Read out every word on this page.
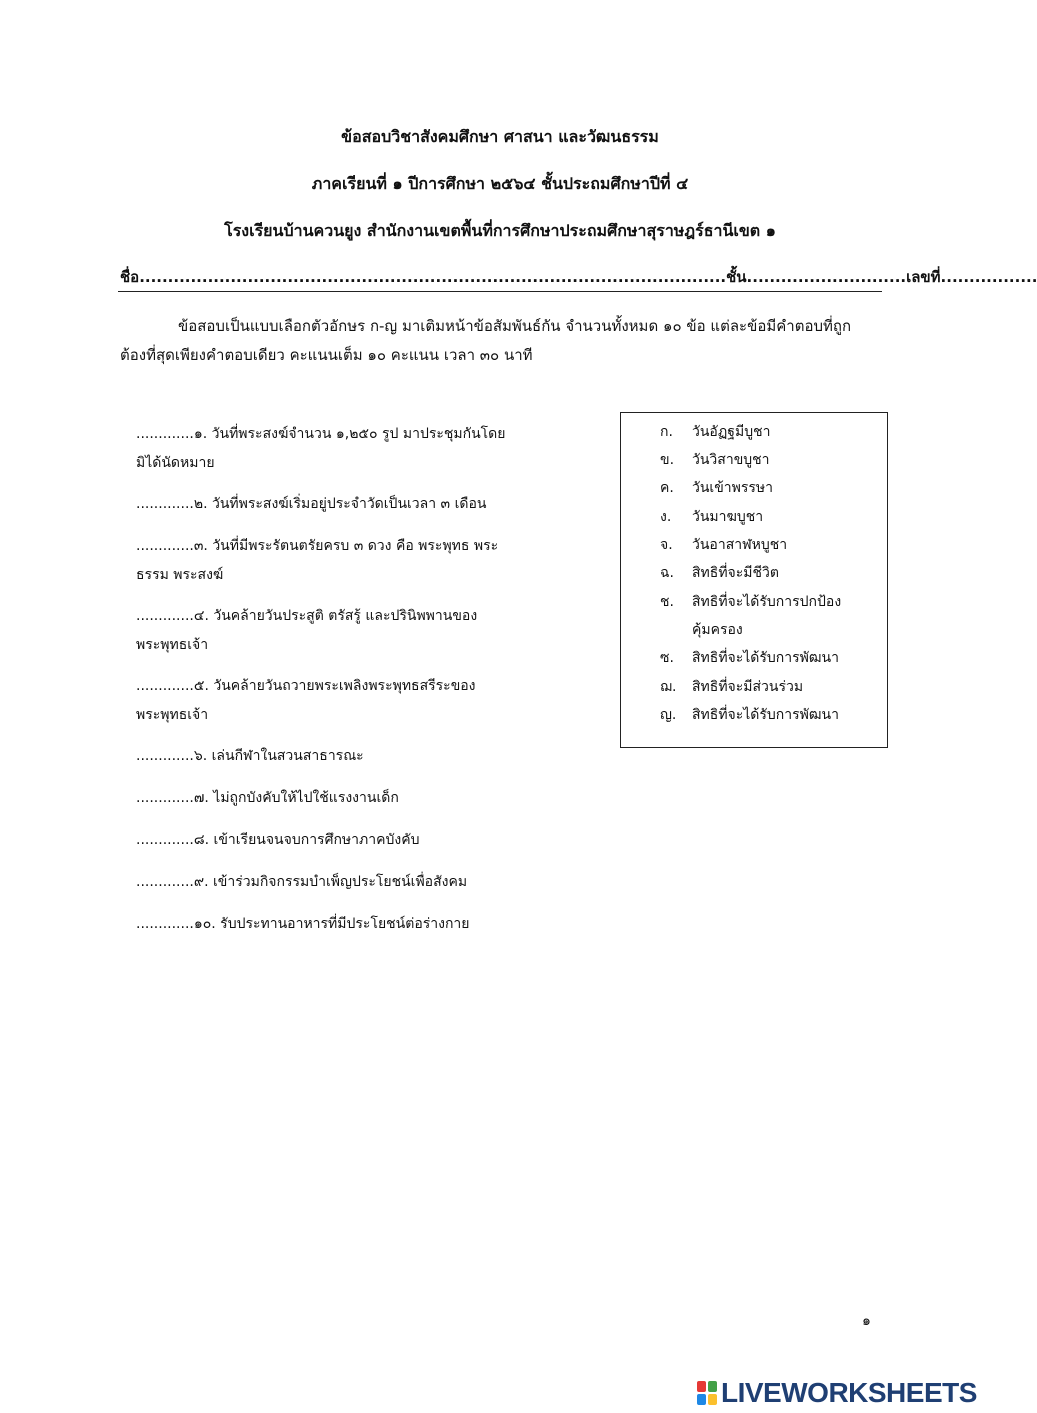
ข้อสอบวิชาสังคมศึกษา ศาสนา และวัฒนธรรม
ภาคเรียนที่ ๑ ปีการศึกษา ๒๕๖๔ ชั้นประถมศึกษาปีที่ ๔
โรงเรียนบ้านควนยูง สำนักงานเขตพื้นที่การศึกษาประถมศึกษาสุราษฎร์ธานีเขต ๑
ชื่อ.......................................................................................................ชั้น............................เลขที่.................
ข้อสอบเป็นแบบเลือกตัวอักษร ก-ญ มาเติมหน้าข้อสัมพันธ์กัน จำนวนทั้งหมด ๑๐ ข้อ แต่ละข้อมีคำตอบที่ถูกต้องที่สุดเพียงคำตอบเดียว คะแนนเต็ม ๑๐ คะแนน เวลา ๓๐ นาที
.............๑. วันที่พระสงฆ์จำนวน ๑,๒๕๐ รูป มาประชุมกันโดยมิได้นัดหมาย
.............๒. วันที่พระสงฆ์เริ่มอยู่ประจำวัดเป็นเวลา ๓ เดือน
.............๓. วันที่มีพระรัตนตรัยครบ ๓ ดวง คือ พระพุทธ พระธรรม พระสงฆ์
.............๔. วันคล้ายวันประสูติ ตรัสรู้ และปรินิพพานของพระพุทธเจ้า
.............๕. วันคล้ายวันถวายพระเพลิงพระพุทธสรีระของพระพุทธเจ้า
.............๖. เล่นกีฬาในสวนสาธารณะ
.............๗. ไม่ถูกบังคับให้ไปใช้แรงงานเด็ก
.............๘. เข้าเรียนจนจบการศึกษาภาคบังคับ
.............๙. เข้าร่วมกิจกรรมบำเพ็ญประโยชน์เพื่อสังคม
.............๑๐. รับประทานอาหารที่มีประโยชน์ต่อร่างกาย
ก. วันอัฏฐมีบูชา
ข. วันวิสาขบูชา
ค. วันเข้าพรรษา
ง. วันมาฆบูชา
จ. วันอาสาฬหบูชา
ฉ. สิทธิที่จะมีชีวิต
ช. สิทธิที่จะได้รับการปกป้องคุ้มครอง
ซ. สิทธิที่จะได้รับการพัฒนา
ฌ. สิทธิที่จะมีส่วนร่วม
ญ. สิทธิที่จะได้รับการพัฒนา
๑
LIVEWORKSHEETS
